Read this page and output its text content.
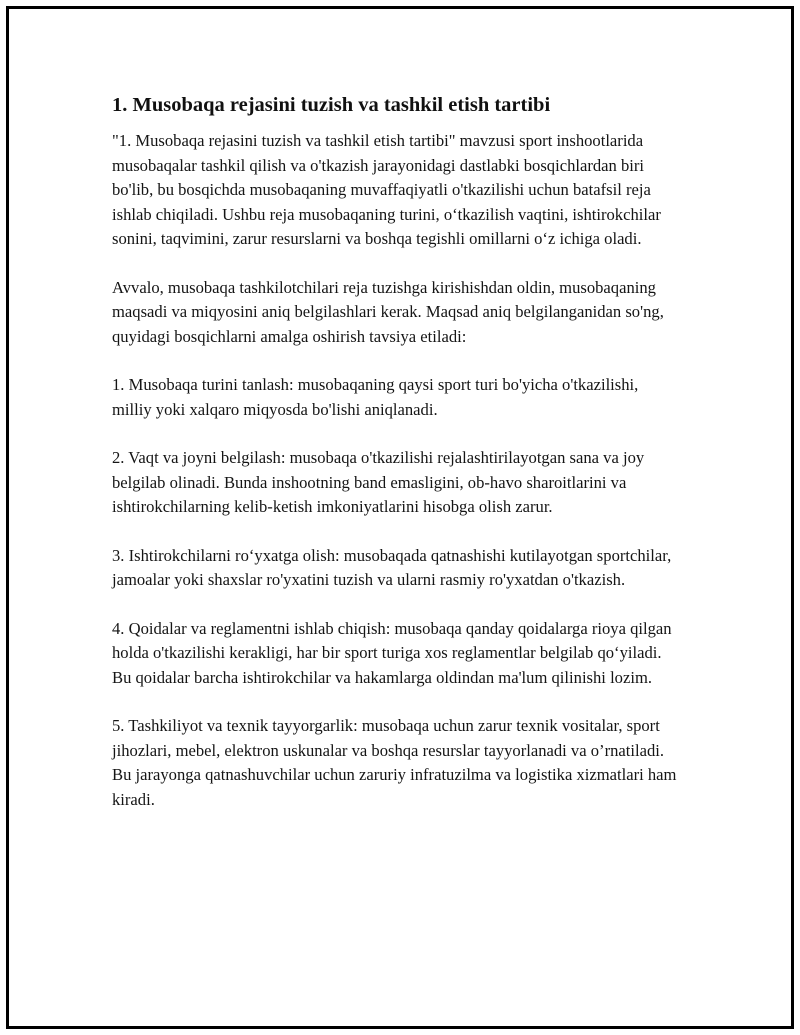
1. Musobaqa rejasini tuzish va tashkil etish tartibi

"1. Musobaqa rejasini tuzish va tashkil etish tartibi" mavzusi sport inshootlarida musobaqalar tashkil qilish va o'tkazish jarayonidagi dastlabki bosqichlardan biri bo'lib, bu bosqichda musobaqaning muvaffaqiyatli o'tkazilishi uchun batafsil reja ishlab chiqiladi. Ushbu reja musobaqaning turini, o‘tkazilish vaqtini, ishtirokchilar sonini, taqvimini, zarur resurslarni va boshqa tegishli omillarni o‘z ichiga oladi.

Avvalo, musobaqa tashkilotchilari reja tuzishga kirishishdan oldin, musobaqaning maqsadi va miqyosini aniq belgilashlari kerak. Maqsad aniq belgilanganidan so'ng, quyidagi bosqichlarni amalga oshirish tavsiya etiladi:

1. Musobaqa turini tanlash: musobaqaning qaysi sport turi bo'yicha o'tkazilishi, milliy yoki xalqaro miqyosda bo'lishi aniqlanadi.

2. Vaqt va joyni belgilash: musobaqa o'tkazilishi rejalashtirilayotgan sana va joy belgilab olinadi. Bunda inshootning band emasligini, ob-havo sharoitlarini va ishtirokchilarning kelib-ketish imkoniyatlarini hisobga olish zarur.

3. Ishtirokchilarni ro‘yxatga olish: musobaqada qatnashishi kutilayotgan sportchilar, jamoalar yoki shaxslar ro'yxatini tuzish va ularni rasmiy ro'yxatdan o'tkazish.

4. Qoidalar va reglamentni ishlab chiqish: musobaqa qanday qoidalarga rioya qilgan holda o'tkazilishi kerakligi, har bir sport turiga xos reglamentlar belgilab qo‘yiladi. Bu qoidalar barcha ishtirokchilar va hakamlarga oldindan ma'lum qilinishi lozim.

5. Tashkiliyot va texnik tayyorgarlik: musobaqa uchun zarur texnik vositalar, sport jihozlari, mebel, elektron uskunalar va boshqa resurslar tayyorlanadi va o’rnatiladi. Bu jarayonga qatnashuvchilar uchun zaruriy infratuzilma va logistika xizmatlari ham kiradi.
